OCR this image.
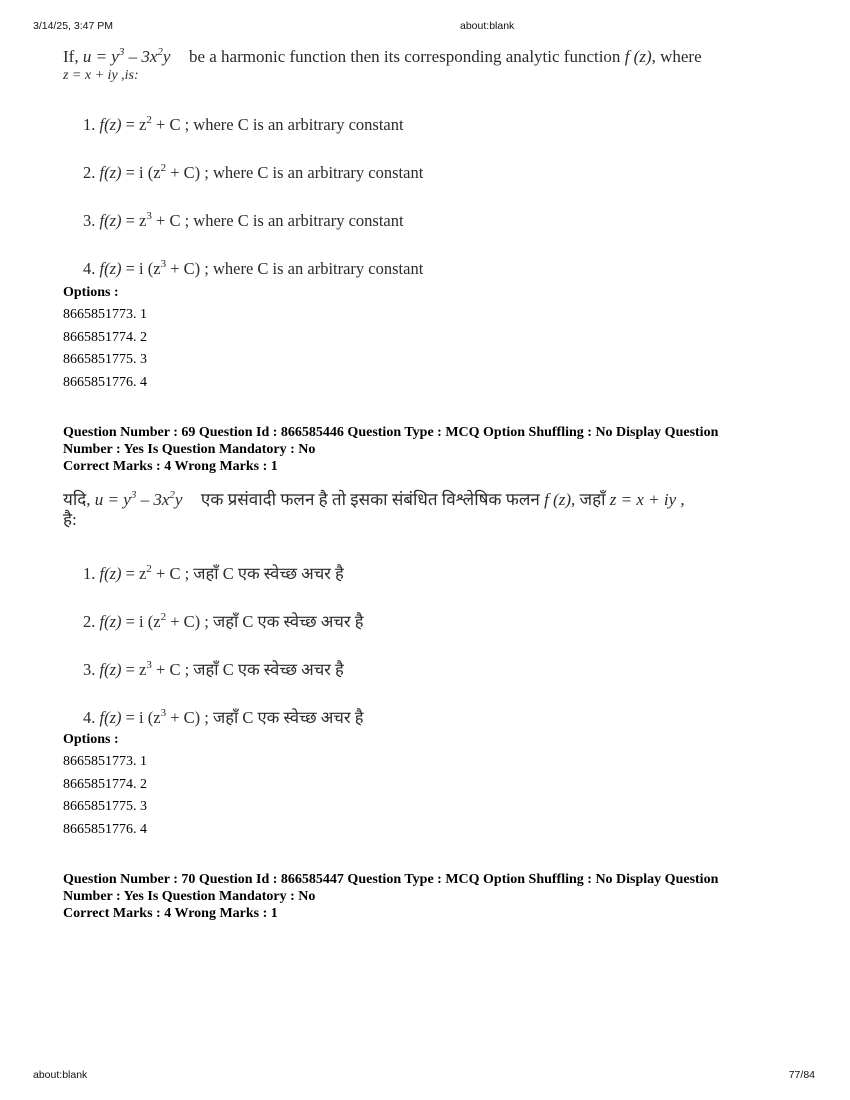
3/14/25, 3:47 PM	about:blank
If, $u = y^3 - 3x^2y$ be a harmonic function then its corresponding analytic function f (z), where
z = x + iy ,is:
1. $f(z) = z^2 + C$ ; where C is an arbitrary constant
2. f(z) = i $(z^2 + C)$ ; where C is an arbitrary constant
3. $f(z) = z^3 + C$ ; where C is an arbitrary constant
4. f(z) = i $(z^3 + C)$ ; where C is an arbitrary constant
Options :
8665851773. 1
8665851774. 2
8665851775. 3
8665851776. 4
Question Number : 69 Question Id : 866585446 Question Type : MCQ Option Shuffling : No Display Question
Number : Yes Is Question Mandatory : No
Correct Marks : 4 Wrong Marks : 1
यदि, $u = y^3 - 3x^2y$ एक प्रसंवादी फलन है तो इसका संबंधित विश्लेषिक फलन f (z), जहाँ z = x + iy ,
है:
1. $f(z) = z^2 + C$ ; जहाँ C एक स्वेच्छ अचर है
2. f(z) = i $(z^2 + C)$ ; जहाँ C एक स्वेच्छ अचर है
3. $f(z) = z^3 + C$ ; जहाँ C एक स्वेच्छ अचर है
4. f(z) = i $(z^3 + C)$ ; जहाँ C एक स्वेच्छ अचर है
Options :
8665851773. 1
8665851774. 2
8665851775. 3
8665851776. 4
Question Number : 70 Question Id : 866585447 Question Type : MCQ Option Shuffling : No Display Question
Number : Yes Is Question Mandatory : No
Correct Marks : 4 Wrong Marks : 1
about:blank	77/84
